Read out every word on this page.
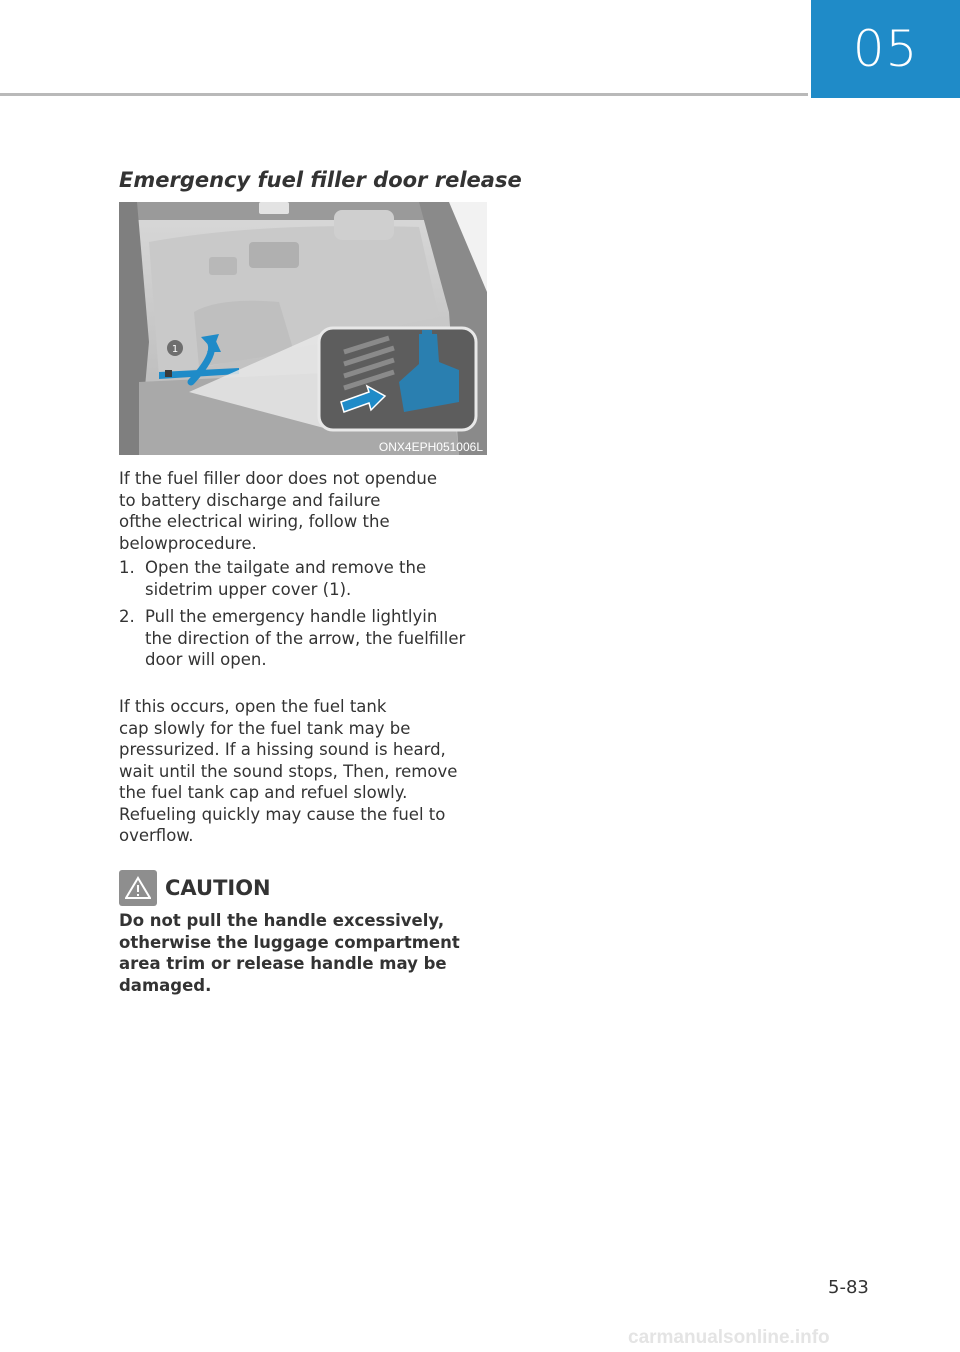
05
Emergency fuel filler door release
1
ONX4EPH051006L
If the fuel filler door does not opendue
to battery discharge and failure
ofthe electrical wiring, follow the
belowprocedure.
1. Open the tailgate and remove the
sidetrim upper cover (1).
2. Pull the emergency handle lightlyin
the direction of the arrow, the fuelfiller
door will open.
If this occurs, open the fuel tank
cap slowly for the fuel tank may be
pressurized. If a hissing sound is heard,
wait until the sound stops, Then, remove
the fuel tank cap and refuel slowly.
Refueling quickly may cause the fuel to
overflow.
CAUTION
Do not pull the handle excessively,
otherwise the luggage compartment
area trim or release handle may be
damaged.
5-83
carmanualsonline.info
